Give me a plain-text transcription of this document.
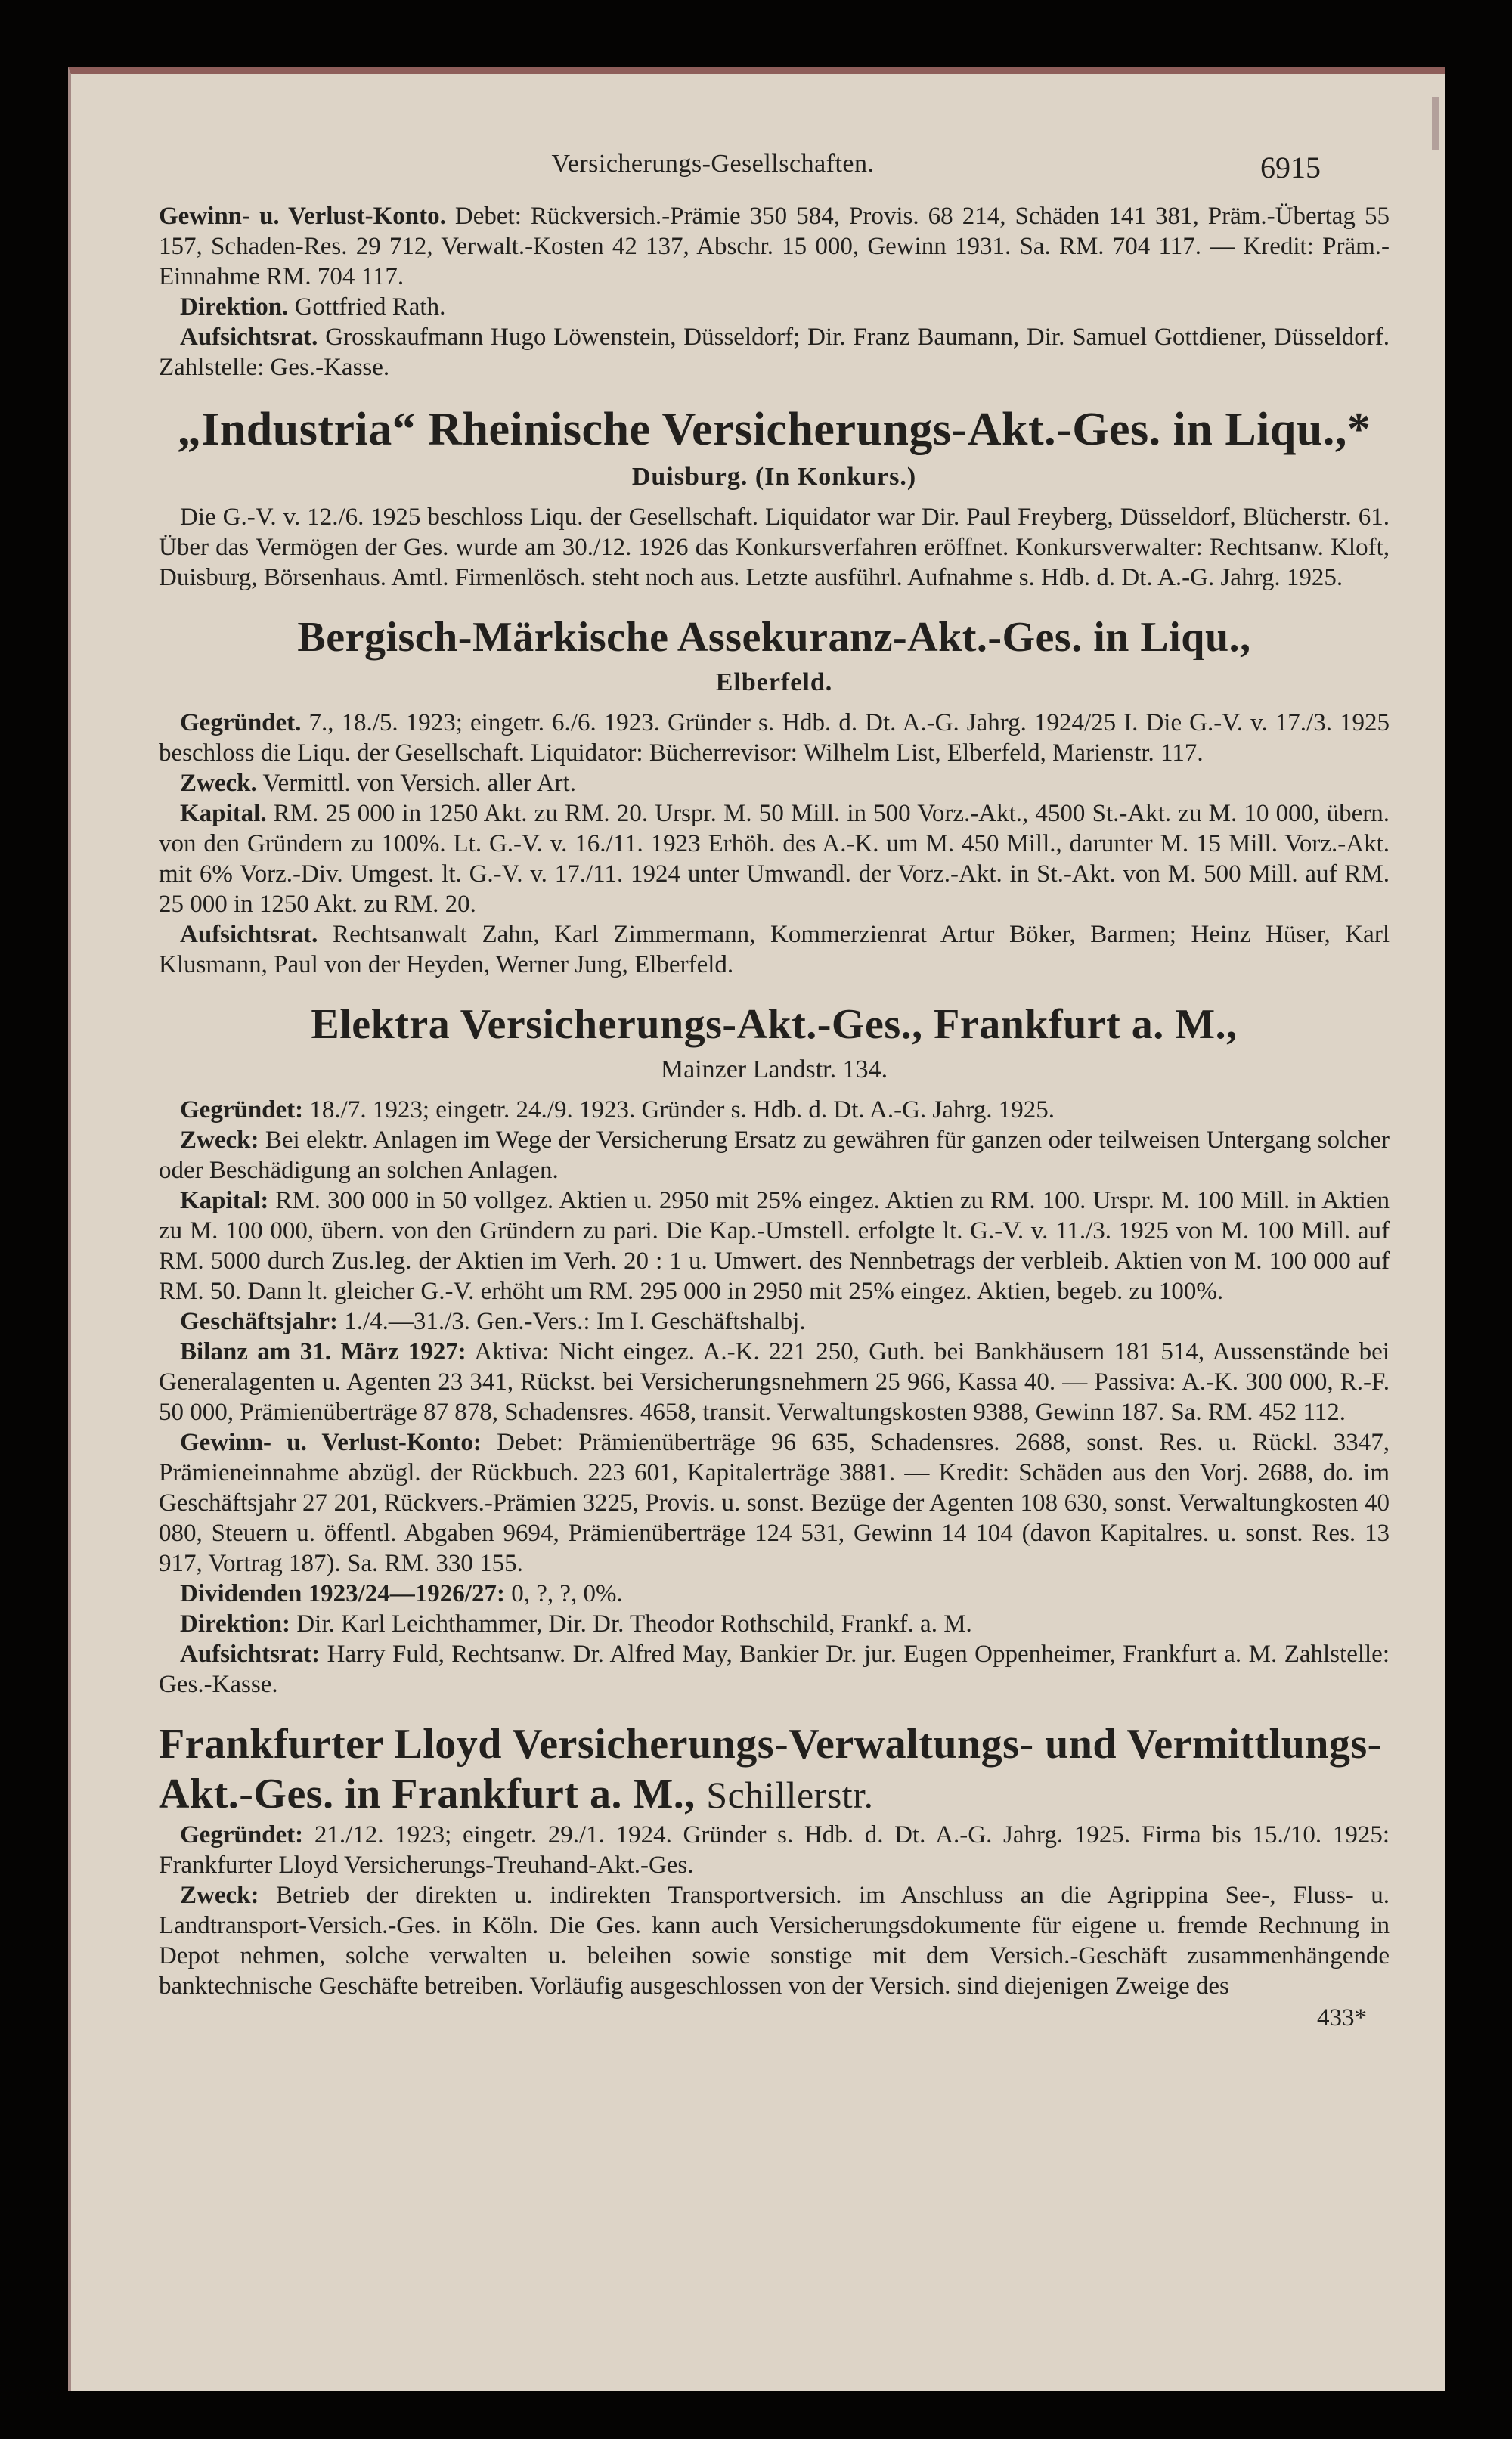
Versicherungs-Gesellschaften.	6915

Gewinn- u. Verlust-Konto. Debet: Rückversich.-Prämie 350 584, Provis. 68 214, Schäden 141 381, Präm.-Übertag 55 157, Schaden-Res. 29 712, Verwalt.-Kosten 42 137, Abschr. 15 000, Gewinn 1931. Sa. RM. 704 117. — Kredit: Präm.-Einnahme RM. 704 117.

Direktion. Gottfried Rath.

Aufsichtsrat. Grosskaufmann Hugo Löwenstein, Düsseldorf; Dir. Franz Baumann, Dir. Samuel Gottdiener, Düsseldorf. Zahlstelle: Ges.-Kasse.

„Industria“ Rheinische Versicherungs-Akt.-Ges. in Liqu.,*
Duisburg. (In Konkurs.)

Die G.-V. v. 12./6. 1925 beschloss Liqu. der Gesellschaft. Liquidator war Dir. Paul Freyberg, Düsseldorf, Blücherstr. 61. Über das Vermögen der Ges. wurde am 30./12. 1926 das Konkursverfahren eröffnet. Konkursverwalter: Rechtsanw. Kloft, Duisburg, Börsenhaus. Amtl. Firmenlösch. steht noch aus. Letzte ausführl. Aufnahme s. Hdb. d. Dt. A.-G. Jahrg. 1925.

Bergisch-Märkische Assekuranz-Akt.-Ges. in Liqu.,
Elberfeld.

Gegründet. 7., 18./5. 1923; eingetr. 6./6. 1923. Gründer s. Hdb. d. Dt. A.-G. Jahrg. 1924/25 I. Die G.-V. v. 17./3. 1925 beschloss die Liqu. der Gesellschaft. Liquidator: Bücherrevisor: Wilhelm List, Elberfeld, Marienstr. 117.

Zweck. Vermittl. von Versich. aller Art.

Kapital. RM. 25 000 in 1250 Akt. zu RM. 20. Urspr. M. 50 Mill. in 500 Vorz.-Akt., 4500 St.-Akt. zu M. 10 000, übern. von den Gründern zu 100%. Lt. G.-V. v. 16./11. 1923 Erhöh. des A.-K. um M. 450 Mill., darunter M. 15 Mill. Vorz.-Akt. mit 6% Vorz.-Div. Umgest. lt. G.-V. v. 17./11. 1924 unter Umwandl. der Vorz.-Akt. in St.-Akt. von M. 500 Mill. auf RM. 25 000 in 1250 Akt. zu RM. 20.

Aufsichtsrat. Rechtsanwalt Zahn, Karl Zimmermann, Kommerzienrat Artur Böker, Barmen; Heinz Hüser, Karl Klusmann, Paul von der Heyden, Werner Jung, Elberfeld.

Elektra Versicherungs-Akt.-Ges., Frankfurt a. M.,
Mainzer Landstr. 134.

Gegründet: 18./7. 1923; eingetr. 24./9. 1923. Gründer s. Hdb. d. Dt. A.-G. Jahrg. 1925.

Zweck: Bei elektr. Anlagen im Wege der Versicherung Ersatz zu gewähren für ganzen oder teilweisen Untergang solcher oder Beschädigung an solchen Anlagen.

Kapital: RM. 300 000 in 50 vollgez. Aktien u. 2950 mit 25% eingez. Aktien zu RM. 100. Urspr. M. 100 Mill. in Aktien zu M. 100 000, übern. von den Gründern zu pari. Die Kap.-Umstell. erfolgte lt. G.-V. v. 11./3. 1925 von M. 100 Mill. auf RM. 5000 durch Zus.leg. der Aktien im Verh. 20 : 1 u. Umwert. des Nennbetrags der verbleib. Aktien von M. 100 000 auf RM. 50. Dann lt. gleicher G.-V. erhöht um RM. 295 000 in 2950 mit 25% eingez. Aktien, begeb. zu 100%.

Geschäftsjahr: 1./4.—31./3. Gen.-Vers.: Im I. Geschäftshalbj.

Bilanz am 31. März 1927: Aktiva: Nicht eingez. A.-K. 221 250, Guth. bei Bankhäusern 181 514, Aussenstände bei Generalagenten u. Agenten 23 341, Rückst. bei Versicherungsnehmern 25 966, Kassa 40. — Passiva: A.-K. 300 000, R.-F. 50 000, Prämienüberträge 87 878, Schadensres. 4658, transit. Verwaltungskosten 9388, Gewinn 187. Sa. RM. 452 112.

Gewinn- u. Verlust-Konto: Debet: Prämienüberträge 96 635, Schadensres. 2688, sonst. Res. u. Rückl. 3347, Prämieneinnahme abzügl. der Rückbuch. 223 601, Kapitalerträge 3881. — Kredit: Schäden aus den Vorj. 2688, do. im Geschäftsjahr 27 201, Rückvers.-Prämien 3225, Provis. u. sonst. Bezüge der Agenten 108 630, sonst. Verwaltungkosten 40 080, Steuern u. öffentl. Abgaben 9694, Prämienüberträge 124 531, Gewinn 14 104 (davon Kapitalres. u. sonst. Res. 13 917, Vortrag 187). Sa. RM. 330 155.

Dividenden 1923/24—1926/27: 0, ?, ?, 0%.

Direktion: Dir. Karl Leichthammer, Dir. Dr. Theodor Rothschild, Frankf. a. M.

Aufsichtsrat: Harry Fuld, Rechtsanw. Dr. Alfred May, Bankier Dr. jur. Eugen Oppenheimer, Frankfurt a. M. Zahlstelle: Ges.-Kasse.

Frankfurter Lloyd Versicherungs-Verwaltungs- und Vermittlungs-Akt.-Ges. in Frankfurt a. M., Schillerstr.

Gegründet: 21./12. 1923; eingetr. 29./1. 1924. Gründer s. Hdb. d. Dt. A.-G. Jahrg. 1925. Firma bis 15./10. 1925: Frankfurter Lloyd Versicherungs-Treuhand-Akt.-Ges.

Zweck: Betrieb der direkten u. indirekten Transportversich. im Anschluss an die Agrippina See-, Fluss- u. Landtransport-Versich.-Ges. in Köln. Die Ges. kann auch Versicherungsdokumente für eigene u. fremde Rechnung in Depot nehmen, solche verwalten u. beleihen sowie sonstige mit dem Versich.-Geschäft zusammenhängende banktechnische Geschäfte betreiben. Vorläufig ausgeschlossen von der Versich. sind diejenigen Zweige des

433*
